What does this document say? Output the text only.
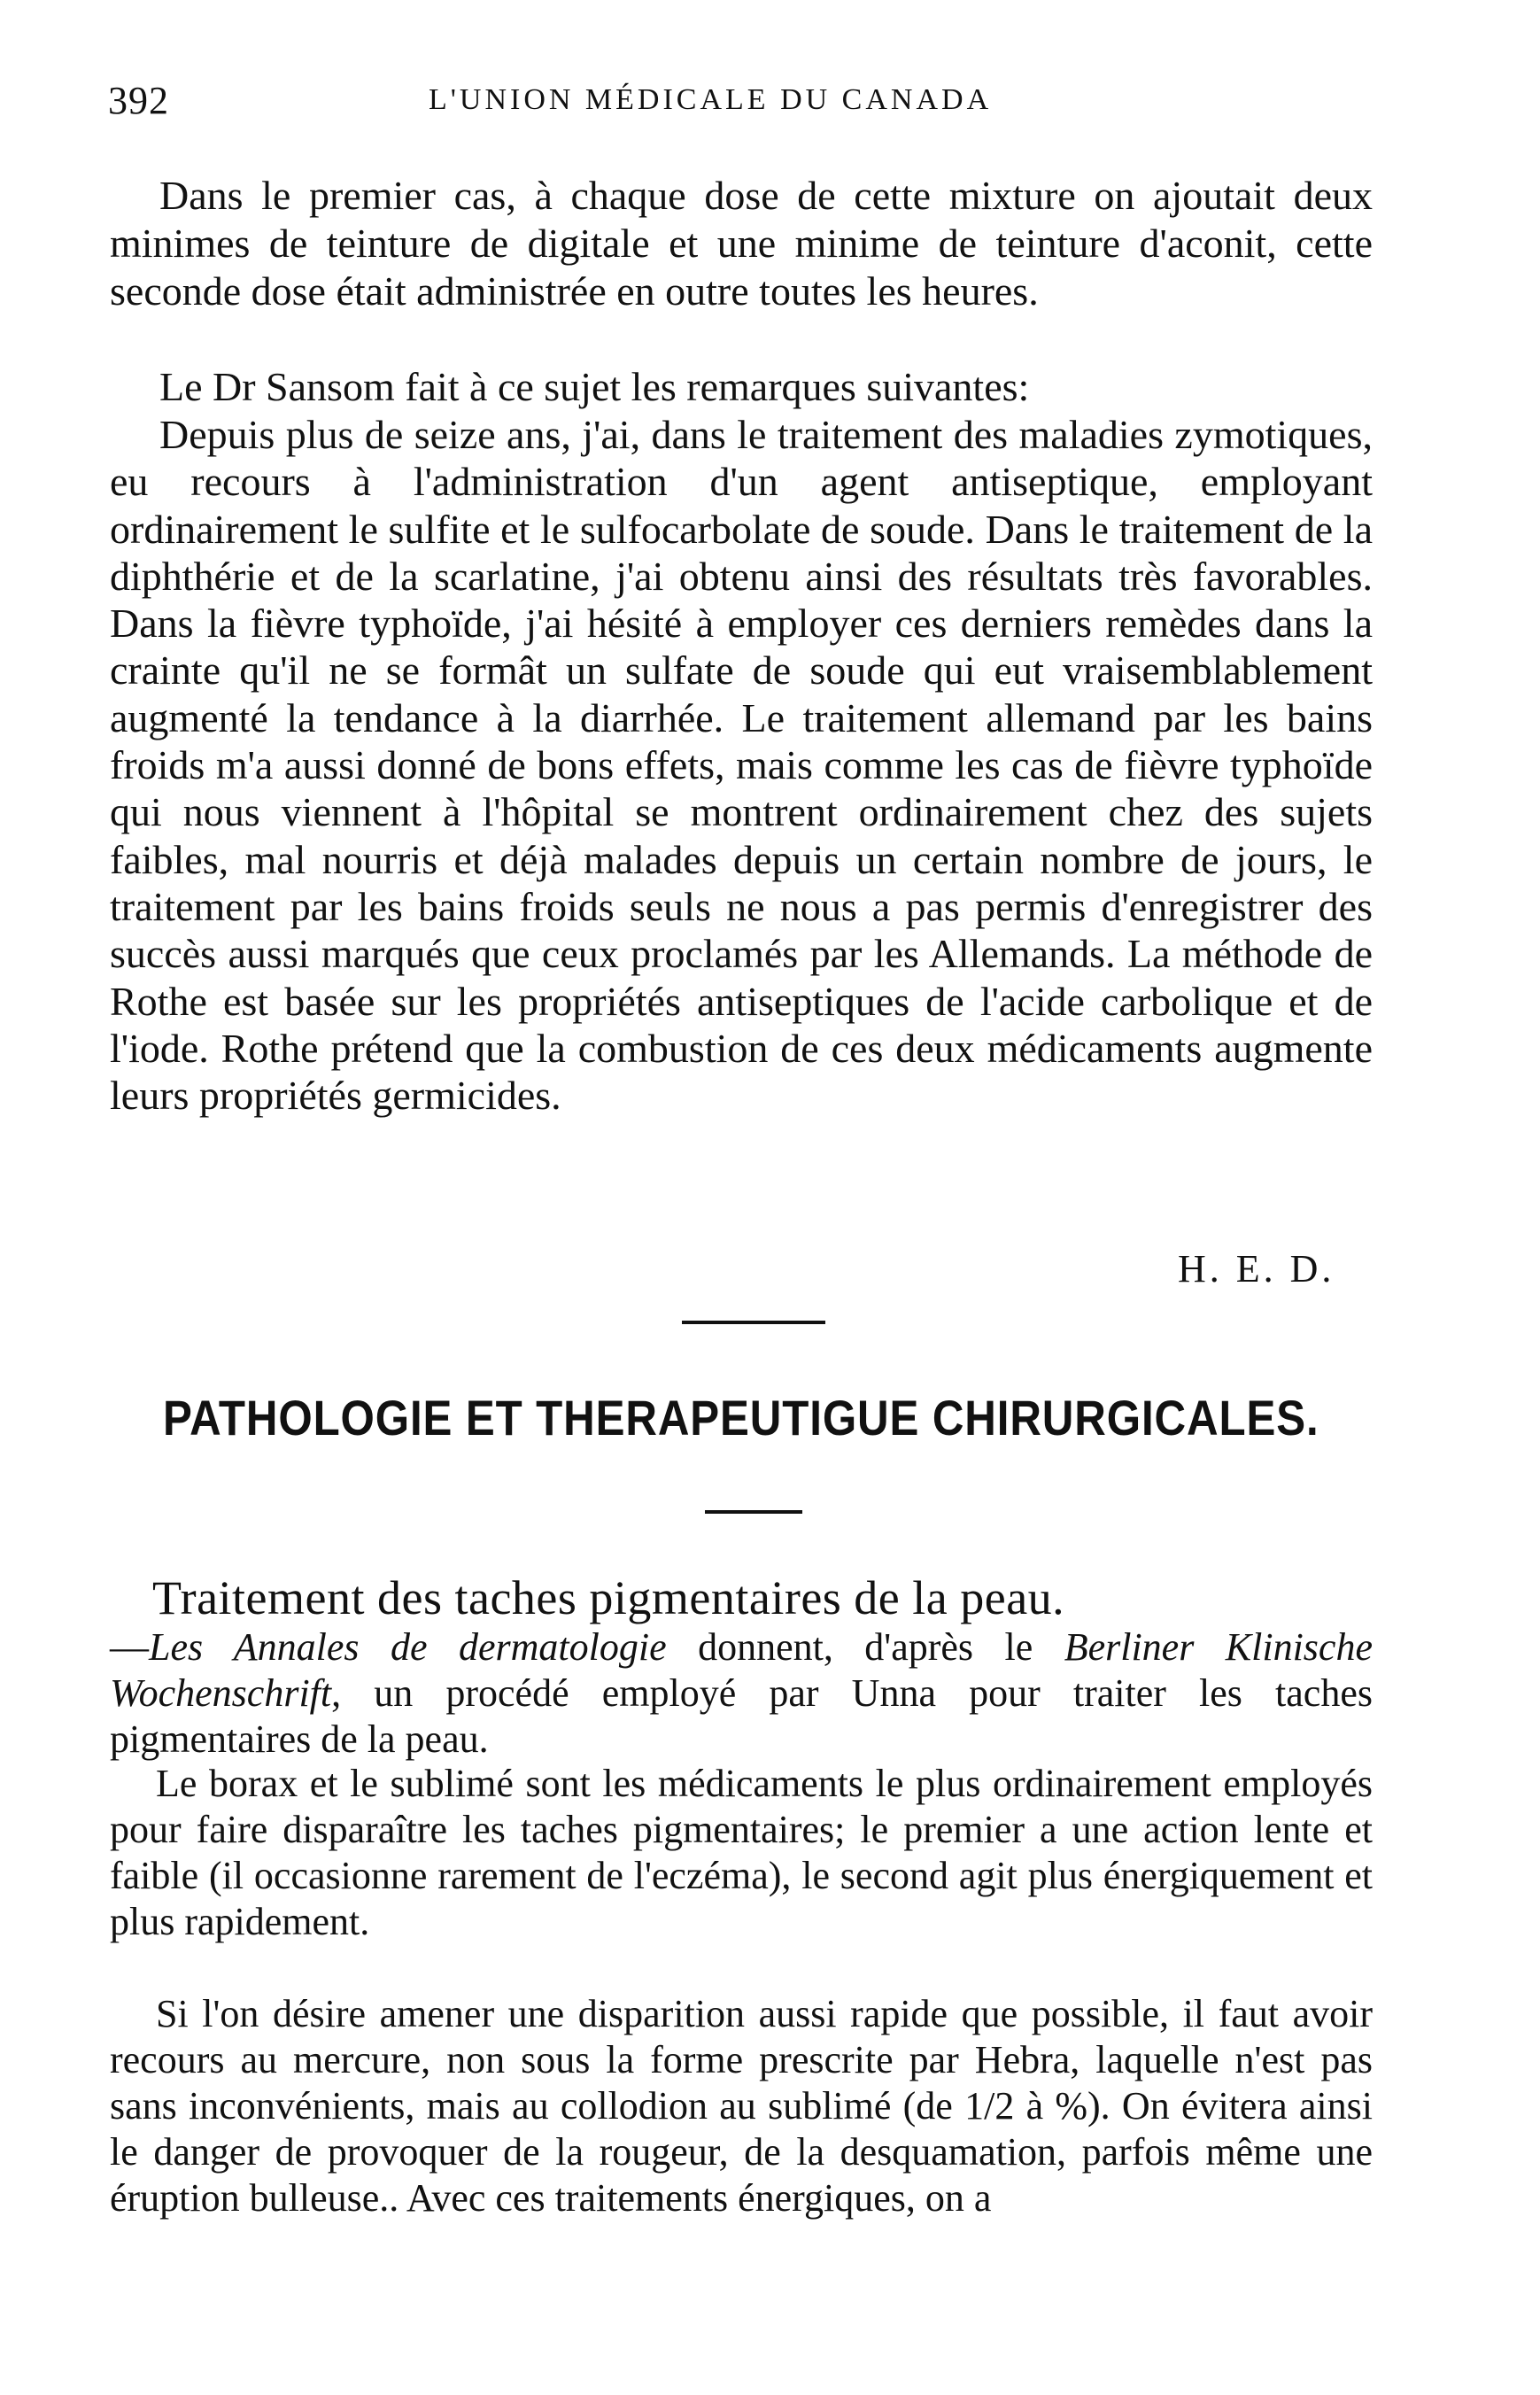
392	L'UNION MÉDICALE DU CANADA

Dans le premier cas, à chaque dose de cette mixture on ajoutait deux minimes de teinture de digitale et une minime de teinture d'aconit, cette seconde dose était administrée en outre toutes les heures.

Le Dr Sansom fait à ce sujet les remarques suivantes:

Depuis plus de seize ans, j'ai, dans le traitement des maladies zymotiques, eu recours à l'administration d'un agent antiseptique, employant ordinairement le sulfite et le sulfocarbolate de soude. Dans le traitement de la diphthérie et de la scarlatine, j'ai obtenu ainsi des résultats très favorables. Dans la fièvre typhoïde, j'ai hésité à employer ces derniers remèdes dans la crainte qu'il ne se formât un sulfate de soude qui eut vraisemblablement augmenté la tendance à la diarrhée. Le traitement allemand par les bains froids m'a aussi donné de bons effets, mais comme les cas de fièvre typhoïde qui nous viennent à l'hôpital se montrent ordinairement chez des sujets faibles, mal nourris et déjà malades depuis un certain nombre de jours, le traitement par les bains froids seuls ne nous a pas permis d'enregistrer des succès aussi marqués que ceux proclamés par les Allemands. La méthode de Rothe est basée sur les propriétés antiseptiques de l'acide carbolique et de l'iode. Rothe prétend que la combustion de ces deux médicaments augmente leurs propriétés germicides.

H. E. D.
PATHOLOGIE ET THERAPEUTIGUE CHIRURGICALES.

Traitement des taches pigmentaires de la peau.
—Les Annales de dermatologie donnent, d'après le Berliner Klinische Wochenschrift, un procédé employé par Unna pour traiter les taches pigmentaires de la peau.

Le borax et le sublimé sont les médicaments le plus ordinairement employés pour faire disparaître les taches pigmentaires; le premier a une action lente et faible (il occasionne rarement de l'eczéma), le second agit plus énergiquement et plus rapidement.

Si l'on désire amener une disparition aussi rapide que possible, il faut avoir recours au mercure, non sous la forme prescrite par Hebra, laquelle n'est pas sans inconvénients, mais au collodion au sublimé (de 1/2 à %). On évitera ainsi le danger de provoquer de la rougeur, de la desquamation, parfois même une éruption bulleuse.. Avec ces traitements énergiques, on a
